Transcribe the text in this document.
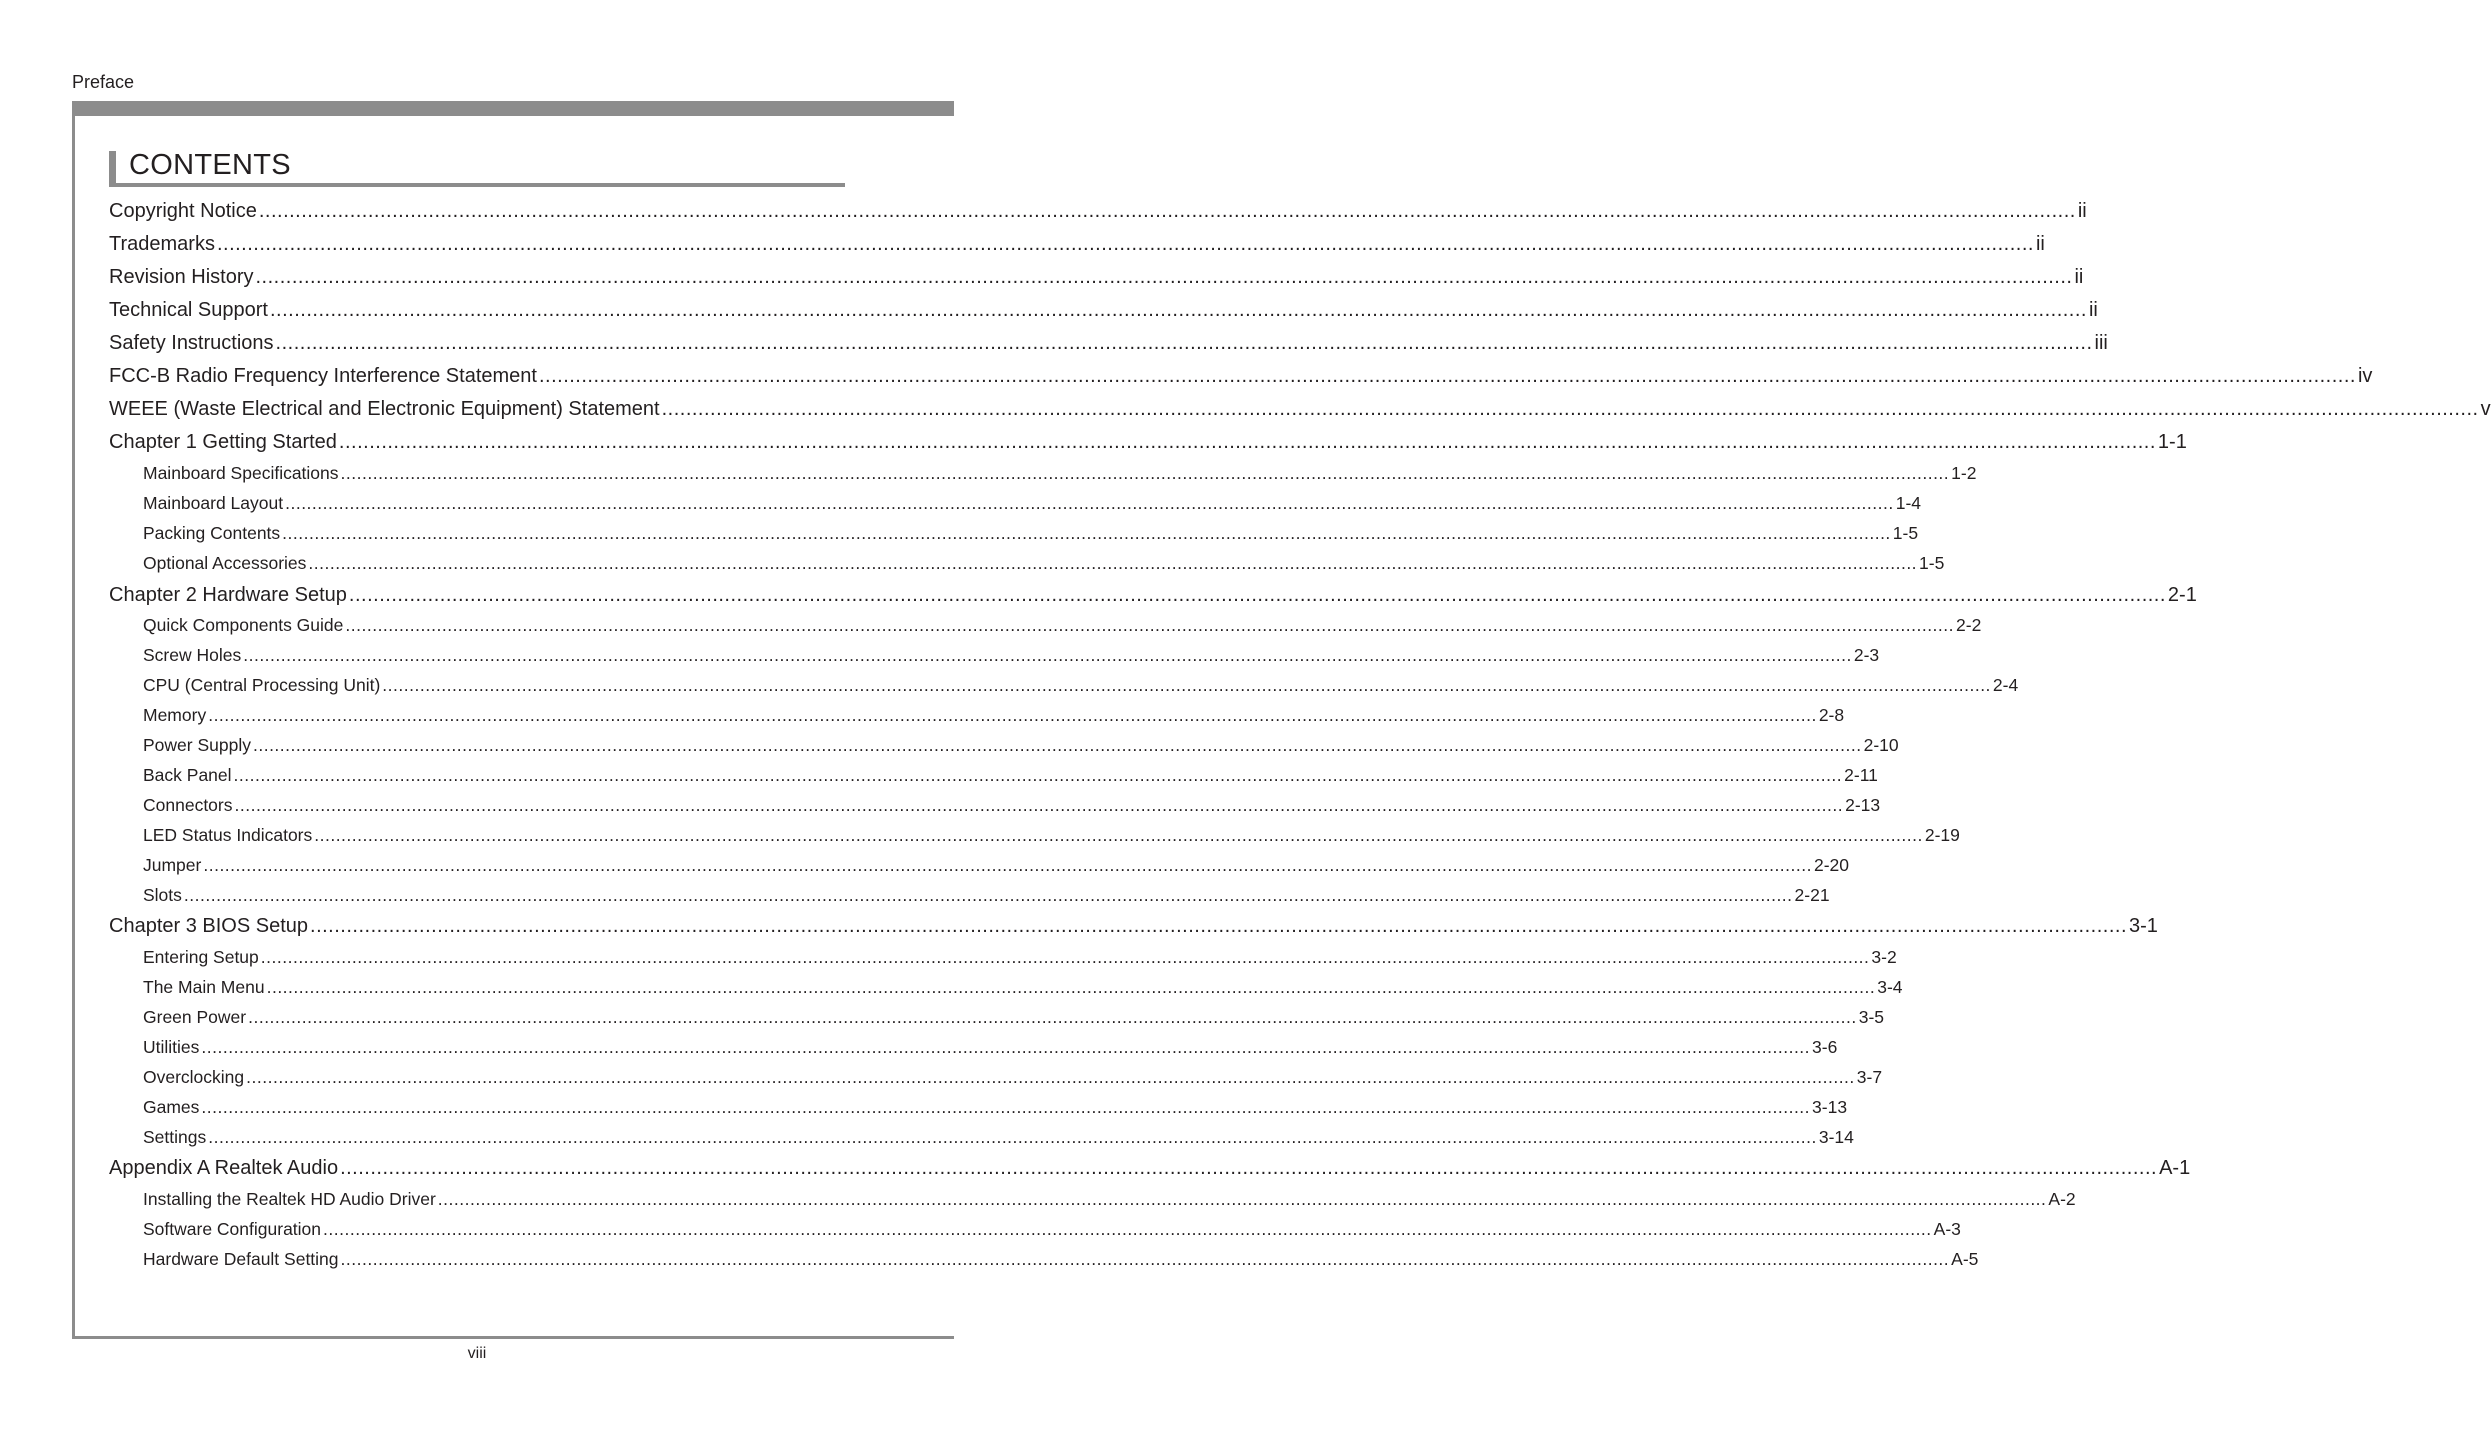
Preface
CONTENTS
Copyright Notice ............................................................................................................................................................................................................................................................................................................ ii
Trademarks ............................................................................................................................................................................................................................................................................................................ ii
Revision History ............................................................................................................................................................................................................................................................................................................ ii
Technical Support ............................................................................................................................................................................................................................................................................................................ ii
Safety Instructions ............................................................................................................................................................................................................................................................................................................ iii
FCC-B Radio Frequency Interference Statement ............................................................................................................................................................................................................................................................................................................ iv
WEEE (Waste Electrical and Electronic Equipment) Statement ............................................................................................................................................................................................................................................................................................................ v
Chapter 1 Getting Started ............................................................................................................................................................................................................................................................................................................ 1-1
Mainboard Specifications ............................................................................................................................................................................................................................................................................................................ 1-2
Mainboard Layout ............................................................................................................................................................................................................................................................................................................ 1-4
Packing Contents ............................................................................................................................................................................................................................................................................................................ 1-5
Optional Accessories ............................................................................................................................................................................................................................................................................................................ 1-5
Chapter 2 Hardware Setup ............................................................................................................................................................................................................................................................................................................ 2-1
Quick Components Guide ............................................................................................................................................................................................................................................................................................................ 2-2
Screw Holes ............................................................................................................................................................................................................................................................................................................ 2-3
CPU (Central Processing Unit) ............................................................................................................................................................................................................................................................................................................ 2-4
Memory ............................................................................................................................................................................................................................................................................................................ 2-8
Power Supply ............................................................................................................................................................................................................................................................................................................ 2-10
Back Panel ............................................................................................................................................................................................................................................................................................................ 2-11
Connectors ............................................................................................................................................................................................................................................................................................................ 2-13
LED Status Indicators ............................................................................................................................................................................................................................................................................................................ 2-19
Jumper ............................................................................................................................................................................................................................................................................................................ 2-20
Slots ............................................................................................................................................................................................................................................................................................................ 2-21
Chapter 3 BIOS Setup ............................................................................................................................................................................................................................................................................................................ 3-1
Entering Setup ............................................................................................................................................................................................................................................................................................................ 3-2
The Main Menu ............................................................................................................................................................................................................................................................................................................ 3-4
Green Power ............................................................................................................................................................................................................................................................................................................ 3-5
Utilities ............................................................................................................................................................................................................................................................................................................ 3-6
Overclocking ............................................................................................................................................................................................................................................................................................................ 3-7
Games ............................................................................................................................................................................................................................................................................................................ 3-13
Settings ............................................................................................................................................................................................................................................................................................................ 3-14
Appendix A Realtek Audio ............................................................................................................................................................................................................................................................................................................ A-1
Installing the Realtek HD Audio Driver ............................................................................................................................................................................................................................................................................................................ A-2
Software Configuration ............................................................................................................................................................................................................................................................................................................ A-3
Hardware Default Setting ............................................................................................................................................................................................................................................................................................................ A-5
viii
